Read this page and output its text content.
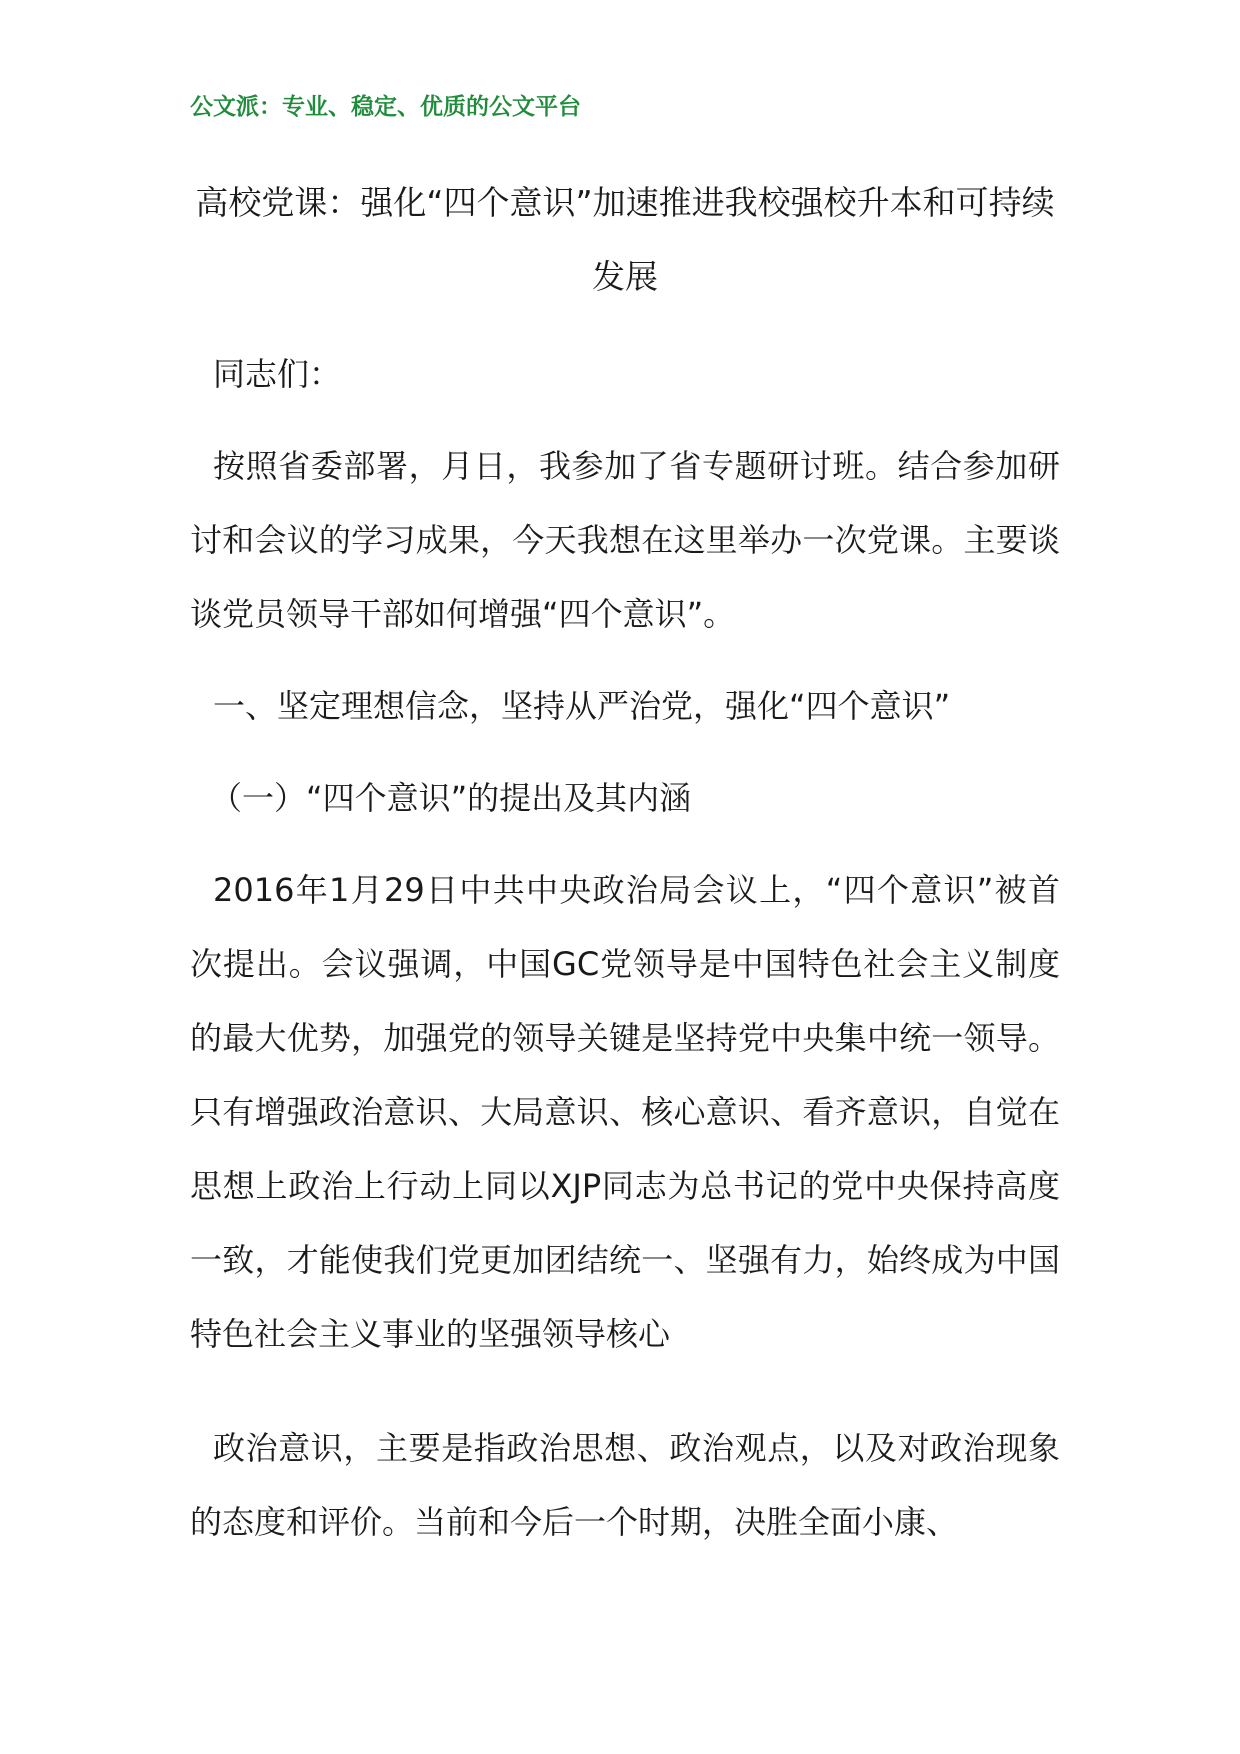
公文派：专业、稳定、优质的公文平台
高校党课：强化“四个意识”加速推进我校强校升本和可持续发展

同志们：

按照省委部署，月日，我参加了省专题研讨班。结合参加研讨和会议的学习成果，今天我想在这里举办一次党课。主要谈谈党员领导干部如何增强“四个意识”。

一、坚定理想信念，坚持从严治党，强化“四个意识”

（一）“四个意识”的提出及其内涵

2016年1月29日中共中央政治局会议上，“四个意识”被首次提出。会议强调，中国GC党领导是中国特色社会主义制度的最大优势，加强党的领导关键是坚持党中央集中统一领导。只有增强政治意识、大局意识、核心意识、看齐意识，自觉在思想上政治上行动上同以XJP同志为总书记的党中央保持高度一致，才能使我们党更加团结统一、坚强有力，始终成为中国特色社会主义事业的坚强领导核心

政治意识，主要是指政治思想、政治观点，以及对政治现象的态度和评价。当前和今后一个时期，决胜全面小康、
